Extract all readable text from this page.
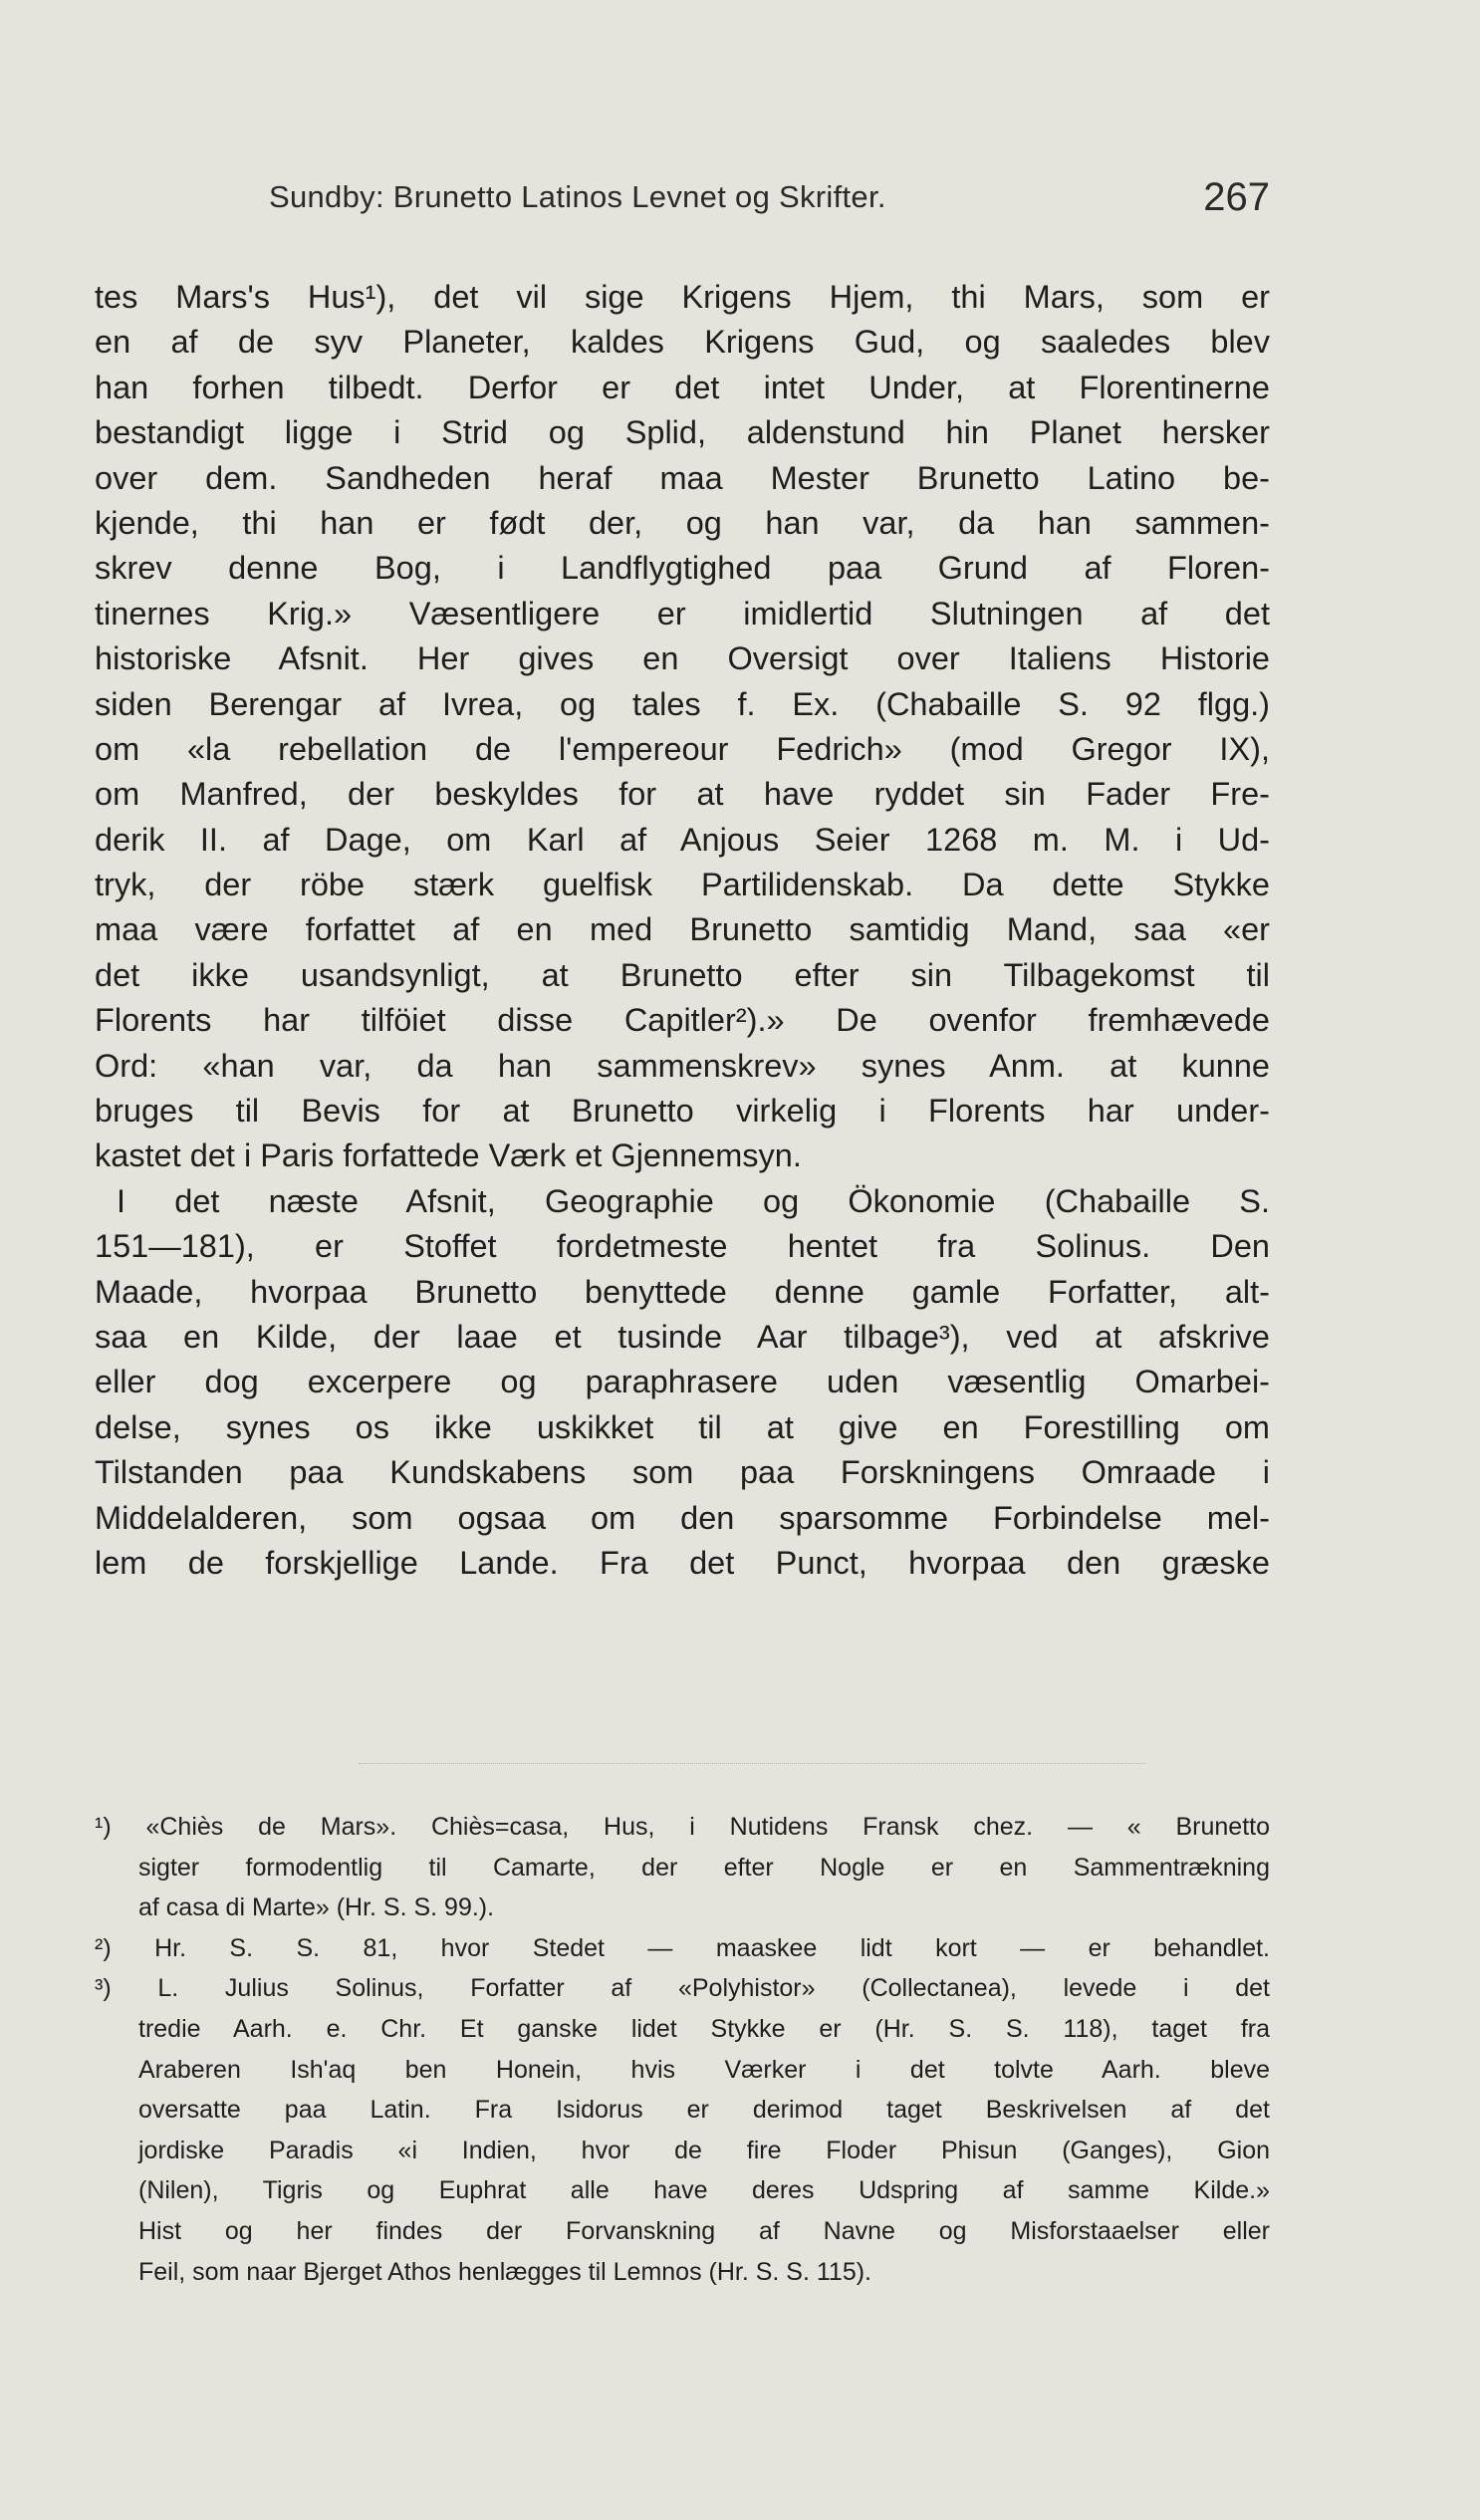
Sundby: Brunetto Latinos Levnet og Skrifter.	267
tes Mars's Hus¹), det vil sige Krigens Hjem, thi Mars, som er
en af de syv Planeter, kaldes Krigens Gud, og saaledes blev
han forhen tilbedt. Derfor er det intet Under, at Florentinerne
bestandigt ligge i Strid og Splid, aldenstund hin Planet hersker
over dem. Sandheden heraf maa Mester Brunetto Latino be-
kjende, thi han er født der, og han var, da han sammen-
skrev denne Bog, i Landflygtighed paa Grund af Floren-
tinernes Krig.» Væsentligere er imidlertid Slutningen af det
historiske Afsnit. Her gives en Oversigt over Italiens Historie
siden Berengar af Ivrea, og tales f. Ex. (Chabaille S. 92 flgg.)
om «la rebellation de l'empereour Fedrich» (mod Gregor IX),
om Manfred, der beskyldes for at have ryddet sin Fader Fre-
derik II. af Dage, om Karl af Anjous Seier 1268 m. M. i Ud-
tryk, der röbe stærk guelfisk Partilidenskab. Da dette Stykke
maa være forfattet af en med Brunetto samtidig Mand, saa «er
det ikke usandsynligt, at Brunetto efter sin Tilbagekomst til
Florents har tilföiet disse Capitler²).» De ovenfor fremhævede
Ord: «han var, da han sammenskrev» synes Anm. at kunne
bruges til Bevis for at Brunetto virkelig i Florents har under-
kastet det i Paris forfattede Værk et Gjennemsyn.
I det næste Afsnit, Geographie og Ökonomie (Chabaille S.
151—181), er Stoffet fordetmeste hentet fra Solinus. Den
Maade, hvorpaa Brunetto benyttede denne gamle Forfatter, alt-
saa en Kilde, der laae et tusinde Aar tilbage³), ved at afskrive
eller dog excerpere og paraphrasere uden væsentlig Omarbei-
delse, synes os ikke uskikket til at give en Forestilling om
Tilstanden paa Kundskabens som paa Forskningens Omraade i
Middelalderen, som ogsaa om den sparsomme Forbindelse mel-
lem de forskjellige Lande. Fra det Punct, hvorpaa den græske
¹) «Chiès de Mars». Chiès=casa, Hus, i Nutidens Fransk chez. — « Brunetto
sigter formodentlig til Camarte, der efter Nogle er en Sammentrækning
af casa di Marte» (Hr. S. S. 99.).
²) Hr. S. S. 81, hvor Stedet — maaskee lidt kort — er behandlet.
³) L. Julius Solinus, Forfatter af «Polyhistor» (Collectanea), levede i det
tredie Aarh. e. Chr. Et ganske lidet Stykke er (Hr. S. S. 118), taget fra
Araberen Ish'aq ben Honein, hvis Værker i det tolvte Aarh. bleve
oversatte paa Latin. Fra Isidorus er derimod taget Beskrivelsen af det
jordiske Paradis «i Indien, hvor de fire Floder Phisun (Ganges), Gion
(Nilen), Tigris og Euphrat alle have deres Udspring af samme Kilde.»
Hist og her findes der Forvanskning af Navne og Misforstaaelser eller
Feil, som naar Bjerget Athos henlægges til Lemnos (Hr. S. S. 115).
